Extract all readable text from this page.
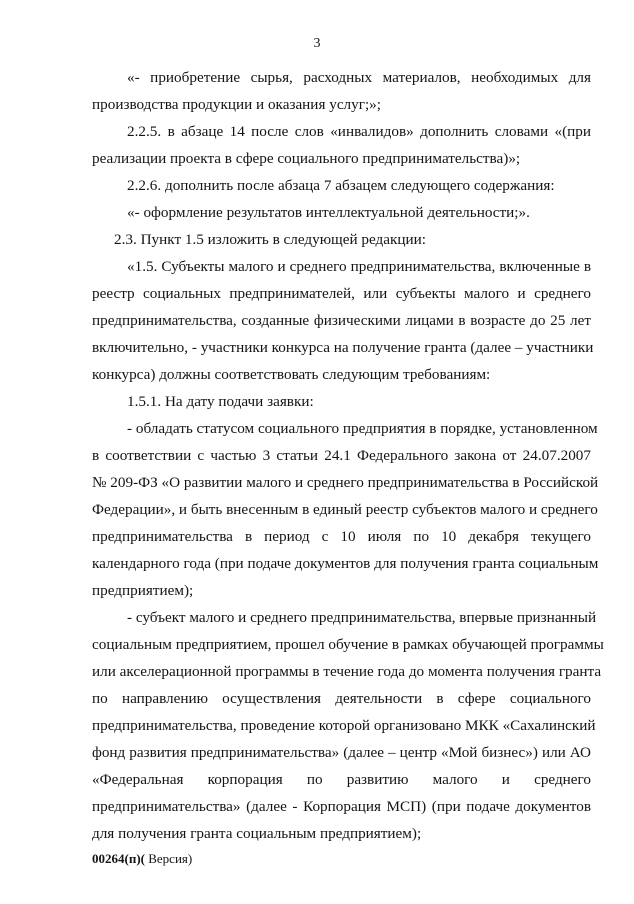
3
«- приобретение сырья, расходных материалов, необходимых для
производства продукции и оказания услуг;»;
2.2.5. в абзаце 14 после слов «инвалидов» дополнить словами «(при
реализации проекта в сфере социального предпринимательства)»;
2.2.6. дополнить после абзаца 7 абзацем следующего содержания:
«- оформление результатов интеллектуальной деятельности;».
2.3. Пункт 1.5 изложить в следующей редакции:
«1.5. Субъекты малого и среднего предпринимательства, включенные в
реестр социальных предпринимателей, или субъекты малого и среднего
предпринимательства, созданные физическими лицами в возрасте до 25 лет
включительно, - участники конкурса на получение гранта (далее – участники
конкурса) должны соответствовать следующим требованиям:
1.5.1. На дату подачи заявки:
- обладать статусом социального предприятия в порядке, установленном
в соответствии с частью 3 статьи 24.1 Федерального закона от 24.07.2007
№ 209-ФЗ «О развитии малого и среднего предпринимательства в Российской
Федерации», и быть внесенным в единый реестр субъектов малого и среднего
предпринимательства в период с 10 июля по 10 декабря текущего
календарного года (при подаче документов для получения гранта социальным
предприятием);
- субъект малого и среднего предпринимательства, впервые признанный
социальным предприятием, прошел обучение в рамках обучающей программы
или акселерационной программы в течение года до момента получения гранта
по направлению осуществления деятельности в сфере социального
предпринимательства, проведение которой организовано МКК «Сахалинский
фонд развития предпринимательства» (далее – центр «Мой бизнес») или АО
«Федеральная корпорация по развитию малого и среднего
предпринимательства» (далее - Корпорация МСП) (при подаче документов
для получения гранта социальным предприятием);
00264(п)( Версия)
